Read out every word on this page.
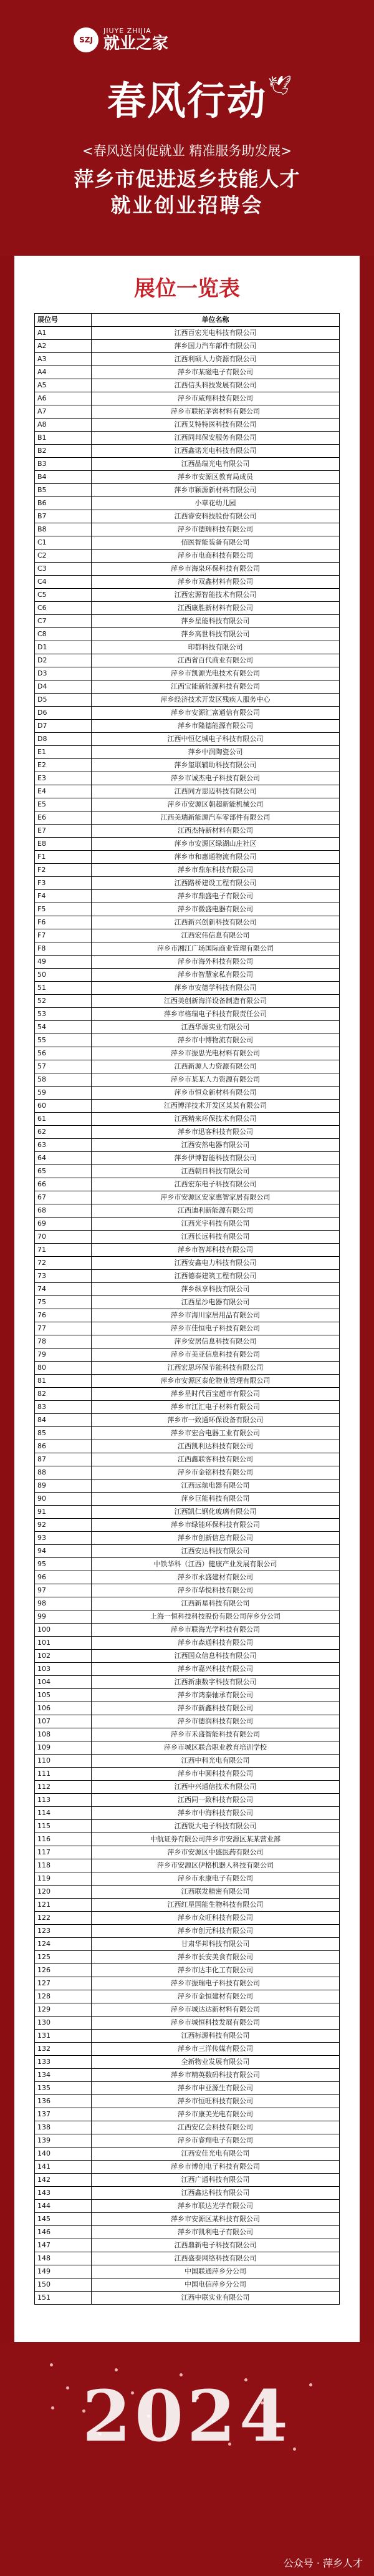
SZJ
JIUYE ZHIJIA
就业之家
春风行动 🕊
<春风送岗促就业 精准服务助发展>
萍乡市促进返乡技能人才
就业创业招聘会
展位一览表
展位号	单位名称
A1	江西百宏光电科技有限公司
A2	萍乡国力汽车部件有限公司
A3	江西利硕人力资源有限公司
A4	萍乡市某磁电子有限公司
A5	江西信头科技发展有限公司
A6	萍乡市威翔科技有限公司
A7	萍乡市联拓茅窖材料有限公司
A8	江西艾特特医科技有限公司
B1	江西同邦保安服务有限公司
B2	江西鑫诺光电科技有限公司
B3	江西晶瑞光电有限公司
B4	萍乡市安源区教育局成员
B5	萍乡市颖源新材料有限公司
B6	小草花幼儿园
B7	江西睿安科技股份有限公司
B8	萍乡市德瑞科技有限公司
C1	佰医智能装备有限公司
C2	萍乡市电商科技有限公司
C3	萍乡市海泉环保科技有限公司
C4	萍乡市双鑫材料有限公司
C5	江西宏源智能技术有限公司
C6	江西康胜新材料有限公司
C7	萍乡星能科技有限公司
C8	萍乡高世科技有限公司
D1	印都科技有限公司
D2	江西省百代商业有限公司
D3	萍乡市凯源光电技术有限公司
D4	江西宝能新能源科技有限公司
D5	萍乡经济技术开发区残疾人服务中心
D6	萍乡市安源汇富通信有限公司
D7	萍乡市隆德能源有限公司
D8	江西中恒亿城电子科技有限公司
E1	萍乡中润陶瓷公司
E2	萍乡玺联辅助科技有限公司
E3	萍乡市诚杰电子科技有限公司
E4	江西同方思迈科技有限公司
E5	萍乡市安源区朝超新能机械公司
E6	江西美瑞新能源汽车零部件有限公司
E7	江西杰特新材料有限公司
E8	萍乡市安源区绿湖山庄社区
F1	萍乡市和惠通物流有限公司
F2	萍乡市鼎东科技有限公司
F3	江西路桥建设工程有限公司
F4	萍乡市鼎盛电子有限公司
F5	萍乡市微盛电器有限公司
F6	江西新兴创新科技有限公司
F7	江西宏伟信息有限公司
F8	萍乡市湘江广场国际商业管理有限公司
49	萍乡市海外科技有限公司
50	萍乡市智慧家私有限公司
51	萍乡市安德学科技有限公司
52	江西美创新海洋设备制造有限公司
53	萍乡市格瑞电子科技有限责任公司
54	江西华源实业有限公司
55	萍乡市中博物流有限公司
56	萍乡市振思光电材料有限公司
57	江西新源人力资源有限公司
58	萍乡市某某人力资源有限公司
59	萍乡市恒众新材料有限公司
60	江西博洋技术开发区某某有限公司
61	江西精来环保技术有限公司
62	萍乡市迅客科技有限公司
63	江西安然电器有限公司
64	萍乡伊博智能科技有限公司
65	江西朝日科技有限公司
66	江西宏东电子科技有限公司
67	萍乡市安源区安家惠智家居有限公司
68	江西迪利新能源有限公司
69	江西光宇科技有限公司
70	江西长远科技有限公司
71	萍乡市智邦科技有限公司
72	江西安鑫电力科技有限公司
73	江西德泰建筑工程有限公司
74	萍乡纵享科技有限公司
75	江西星沙电器有限公司
76	萍乡市海川家居用品有限公司
77	萍乡市佳恒电子科技有限公司
78	萍乡安居信息科技有限公司
79	萍乡市美亚信息科技有限公司
80	江西宏思环保节能科技有限公司
81	萍乡市安源区泰伦物业管理有限公司
82	萍乡星时代百宝超市有限公司
83	萍乡市江汇电子材料有限公司
84	萍乡市一致通环保设备有限公司
85	萍乡市宏合电器工业有限公司
86	江西凯利达科技有限公司
87	江西鑫联客科技有限公司
88	萍乡市金铭科技有限公司
89	江西远航电器有限公司
90	萍乡巨能科技有限公司
91	江西凯仁钢化玻璃有限公司
92	萍乡市绿能环保科技有限公司
93	萍乡市创新信息有限公司
94	江西安达科技有限公司
95	中铁华科（江西）健康产业发展有限公司
96	萍乡市永盛建材有限公司
97	萍乡市华悦科技有限公司
98	江西新星科技有限公司
99	上海一恒科技科技股份有限公司萍乡分公司
100	萍乡市联海光学科技有限公司
101	萍乡市森通科技有限公司
102	江西国众信息科技有限公司
103	萍乡市嘉兴科技有限公司
104	江西新康数字科技有限公司
105	萍乡市鸿泰轴承有限公司
106	萍乡市新鑫科技有限公司
107	萍乡市德润科技有限公司
108	萍乡市禾盛智能科技有限公司
109	萍乡市城区联合职业教育培训学校
110	江西中科光电有限公司
111	萍乡市中圆科技有限公司
112	江西中兴通信技术有限公司
113	江西同一致科技有限公司
114	萍乡市中海科技有限公司
115	江西锐大电子科技有限公司
116	中航证券有限公司萍乡市安源区某某营业部
117	萍乡市安源区中盛医药有限公司
118	萍乡市安源区伊格机器人科技有限公司
119	萍乡市永康电子有限公司
120	江西联发精密有限公司
121	江西红星国能生物科技有限公司
122	萍乡市众旺科技有限公司
123	萍乡市创元科技有限公司
124	甘肃华邦科技有限公司
125	萍乡市长安美食有限公司
126	萍乡市达丰化工有限公司
127	萍乡市振瑞电子科技有限公司
128	萍乡市金恒建材有限公司
129	萍乡市城达达新材料有限公司
130	萍乡市城恒科技发展有限公司
131	江西标源科技有限公司
132	萍乡市三洋传媒有限公司
133	全新物业发展有限公司
134	萍乡市精英数码科技有限公司
135	萍乡市申亚源生有限公司
136	萍乡市恒旺科技有限公司
137	萍乡市康美光电有限公司
138	江西安亿会科技有限公司
139	萍乡市睿翔电子有限公司
140	江西安佳光电有限公司
141	萍乡市博创电子科技有限公司
142	江西广通科技有限公司
143	江西鑫达科技有限公司
144	萍乡市联达光学有限公司
145	萍乡市安源区某科技有限公司
146	萍乡市凯利电子有限公司
147	江西鼎新电子科技有限公司
148	江西盛泰网络科技有限公司
149	中国联通萍乡分公司
150	中国电信萍乡分公司
151	江西中联实业有限公司
2024
公众号 · 萍乡人才
